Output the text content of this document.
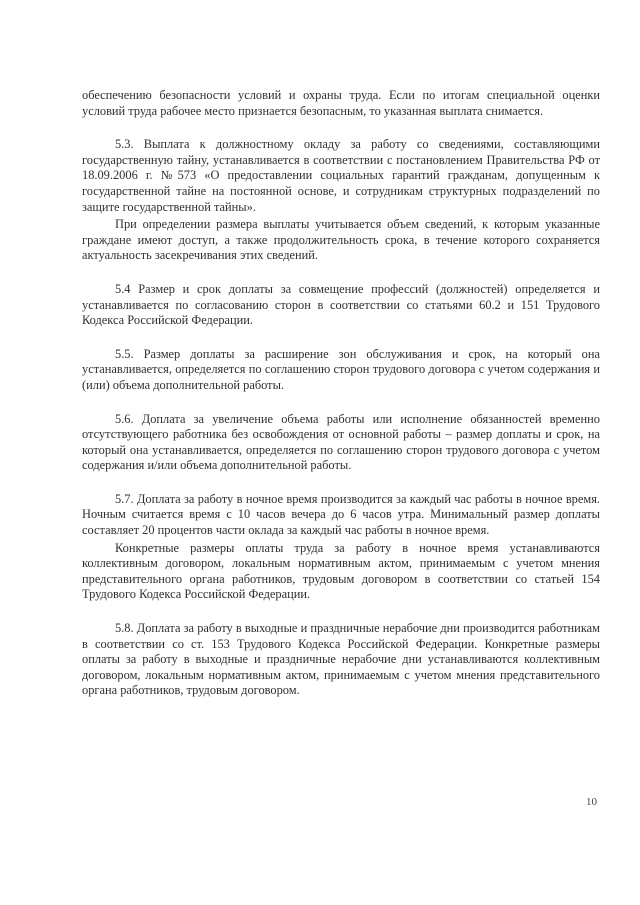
обеспечению безопасности условий и охраны труда. Если по итогам специальной оценки условий труда рабочее место признается безопасным, то указанная выплата снимается.

5.3. Выплата к должностному окладу за работу со сведениями, составляющими государственную тайну, устанавливается в соответствии с постановлением Правительства РФ от 18.09.2006 г. №573 «О предоставлении социальных гарантий гражданам, допущенным к государственной тайне на постоянной основе, и сотрудникам структурных подразделений по защите государственной тайны».

При определении размера выплаты учитывается объем сведений, к которым указанные граждане имеют доступ, а также продолжительность срока, в течение которого сохраняется актуальность засекречивания этих сведений.

5.4 Размер и срок доплаты за совмещение профессий (должностей) определяется и устанавливается по согласованию сторон в соответствии со статьями 60.2 и 151 Трудового Кодекса Российской Федерации.

5.5. Размер доплаты за расширение зон обслуживания и срок, на который она устанавливается, определяется по соглашению сторон трудового договора с учетом содержания и (или) объема дополнительной работы.

5.6. Доплата за увеличение объема работы или исполнение обязанностей временно отсутствующего работника без освобождения от основной работы – размер доплаты и срок, на который она устанавливается, определяется по соглашению сторон трудового договора с учетом содержания и/или объема дополнительной работы.

5.7. Доплата за работу в ночное время производится за каждый час работы в ночное время. Ночным считается время с 10 часов вечера до 6 часов утра. Минимальный размер доплаты составляет 20 процентов части оклада за каждый час работы в ночное время.

Конкретные размеры оплаты труда за работу в ночное время устанавливаются коллективным договором, локальным нормативным актом, принимаемым с учетом мнения представительного органа работников, трудовым договором в соответствии со статьей 154 Трудового Кодекса Российской Федерации.

5.8. Доплата за работу в выходные и праздничные нерабочие дни производится работникам в соответствии со ст. 153 Трудового Кодекса Российской Федерации. Конкретные размеры оплаты за работу в выходные и праздничные нерабочие дни устанавливаются коллективным договором, локальным нормативным актом, принимаемым с учетом мнения представительного органа работников, трудовым договором.

10
